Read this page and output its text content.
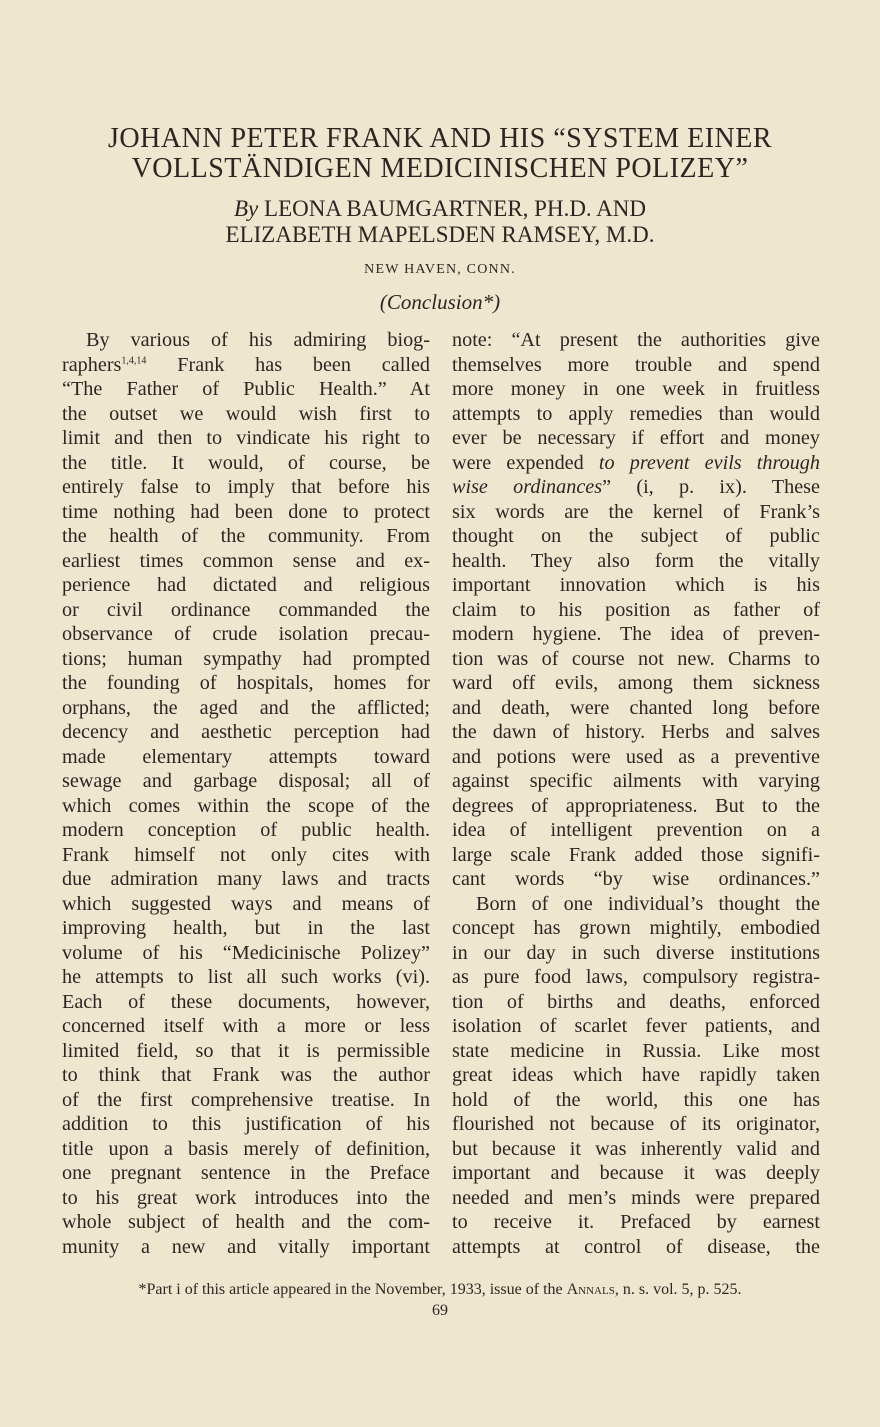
JOHANN PETER FRANK AND HIS “SYSTEM EINER
VOLLSTÄNDIGEN MEDICINISCHEN POLIZEY”
By LEONA BAUMGARTNER, PH.D. AND
ELIZABETH MAPELSDEN RAMSEY, M.D.
NEW HAVEN, CONN.
(Conclusion*)
By various of his admiring biog-
raphers$^{1,4,14}$ Frank has been called
“The Father of Public Health.” At
the outset we would wish first to
limit and then to vindicate his right to
the title. It would, of course, be
entirely false to imply that before his
time nothing had been done to protect
the health of the community. From
earliest times common sense and ex-
perience had dictated and religious
or civil ordinance commanded the
observance of crude isolation precau-
tions; human sympathy had prompted
the founding of hospitals, homes for
orphans, the aged and the afflicted;
decency and aesthetic perception had
made elementary attempts toward
sewage and garbage disposal; all of
which comes within the scope of the
modern conception of public health.
Frank himself not only cites with
due admiration many laws and tracts
which suggested ways and means of
improving health, but in the last
volume of his “Medicinische Polizey”
he attempts to list all such works (vi).
Each of these documents, however,
concerned itself with a more or less
limited field, so that it is permissible
to think that Frank was the author
of the first comprehensive treatise. In
addition to this justification of his
title upon a basis merely of definition,
one pregnant sentence in the Preface
to his great work introduces into the
whole subject of health and the com-
munity a new and vitally important
note: “At present the authorities give
themselves more trouble and spend
more money in one week in fruitless
attempts to apply remedies than would
ever be necessary if effort and money
were expended to prevent evils through
wise ordinances” (i, p. ix). These
six words are the kernel of Frank’s
thought on the subject of public
health. They also form the vitally
important innovation which is his
claim to his position as father of
modern hygiene. The idea of preven-
tion was of course not new. Charms to
ward off evils, among them sickness
and death, were chanted long before
the dawn of history. Herbs and salves
and potions were used as a preventive
against specific ailments with varying
degrees of appropriateness. But to the
idea of intelligent prevention on a
large scale Frank added those signifi-
cant words “by wise ordinances.”
Born of one individual’s thought the
concept has grown mightily, embodied
in our day in such diverse institutions
as pure food laws, compulsory registra-
tion of births and deaths, enforced
isolation of scarlet fever patients, and
state medicine in Russia. Like most
great ideas which have rapidly taken
hold of the world, this one has
flourished not because of its originator,
but because it was inherently valid and
important and because it was deeply
needed and men’s minds were prepared
to receive it. Prefaced by earnest
attempts at control of disease, the
*Part i of this article appeared in the November, 1933, issue of the Annals, n. s. vol. 5, p. 525.
69
